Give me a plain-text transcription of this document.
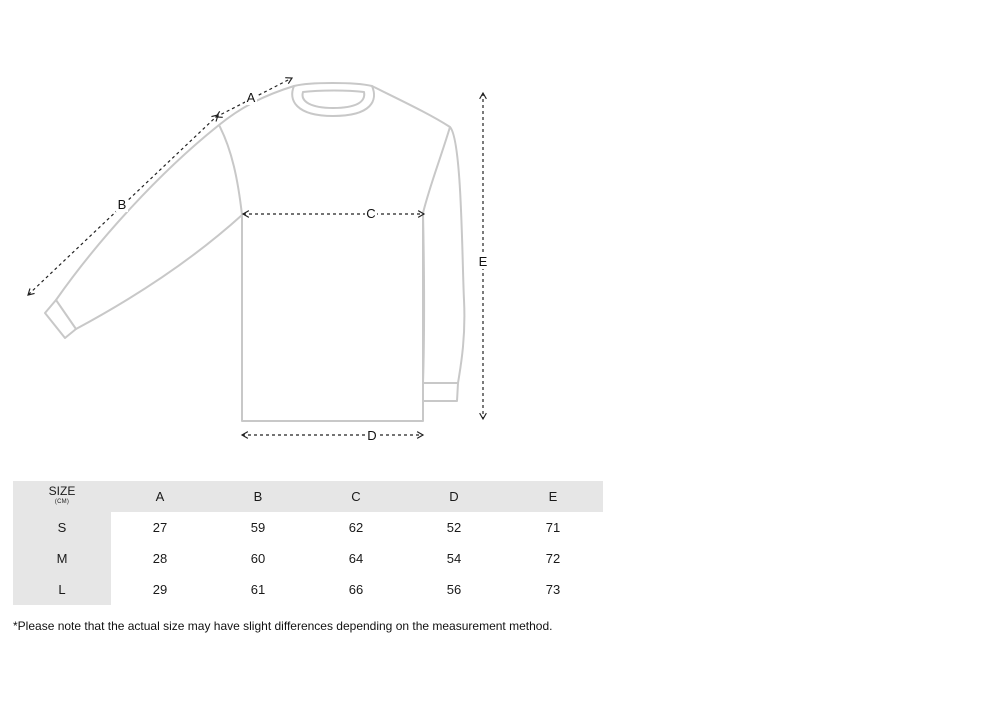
A
B
C
D
E
SIZE
(CM)	A	B	C	D	E
S	27	59	62	52	71
M	28	60	64	54	72
L	29	61	66	56	73
*Please note that the actual size may have slight differences depending on the measurement method.
